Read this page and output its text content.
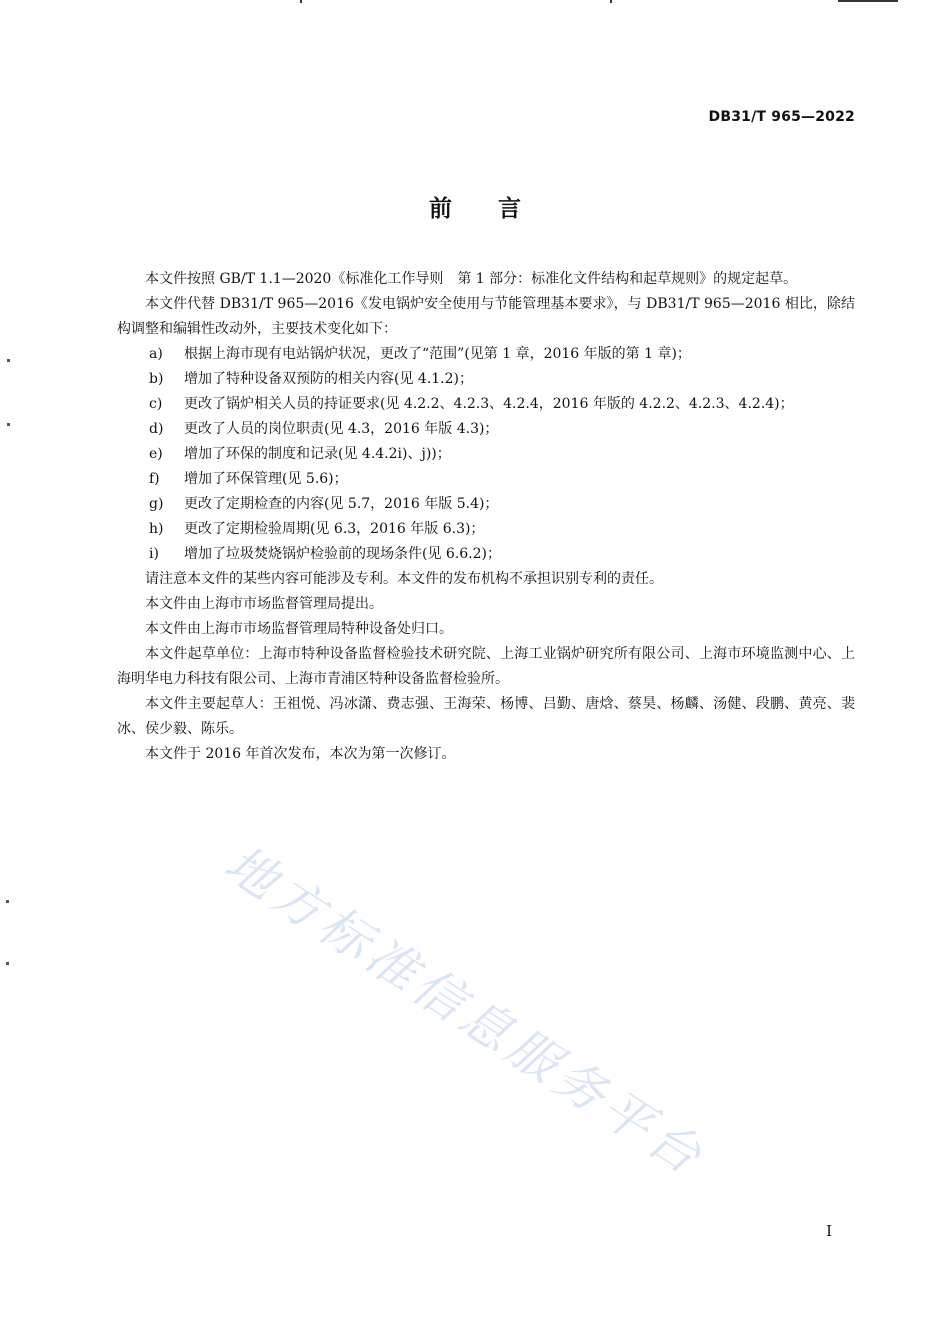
DB31/T 965—2022
前言

本文件按照 GB/T 1.1—2020《标准化工作导则　第 1 部分：标准化文件结构和起草规则》的规定起草。

本文件代替 DB31/T 965—2016《发电锅炉安全使用与节能管理基本要求》，与 DB31/T 965—2016 相比，除结构调整和编辑性改动外，主要技术变化如下：

a) 根据上海市现有电站锅炉状况，更改了“范围”(见第 1 章，2016 年版的第 1 章)；
b) 增加了特种设备双预防的相关内容(见 4.1.2)；
c) 更改了锅炉相关人员的持证要求(见 4.2.2、4.2.3、4.2.4，2016 年版的 4.2.2、4.2.3、4.2.4)；
d) 更改了人员的岗位职责(见 4.3，2016 年版 4.3)；
e) 增加了环保的制度和记录(见 4.4.2i)、j))；
f) 增加了环保管理(见 5.6)；
g) 更改了定期检查的内容(见 5.7，2016 年版 5.4)；
h) 更改了定期检验周期(见 6.3，2016 年版 6.3)；
i) 增加了垃圾焚烧锅炉检验前的现场条件(见 6.6.2)；

请注意本文件的某些内容可能涉及专利。本文件的发布机构不承担识别专利的责任。

本文件由上海市市场监督管理局提出。

本文件由上海市市场监督管理局特种设备处归口。

本文件起草单位：上海市特种设备监督检验技术研究院、上海工业锅炉研究所有限公司、上海市环境监测中心、上海明华电力科技有限公司、上海市青浦区特种设备监督检验所。

本文件主要起草人：王祖悦、冯冰潇、费志强、王海荣、杨博、吕勤、唐焓、蔡昊、杨麟、汤健、段鹏、黄亮、裴冰、侯少毅、陈乐。

本文件于 2016 年首次发布，本次为第一次修订。

地方标准信息服务平台
I
